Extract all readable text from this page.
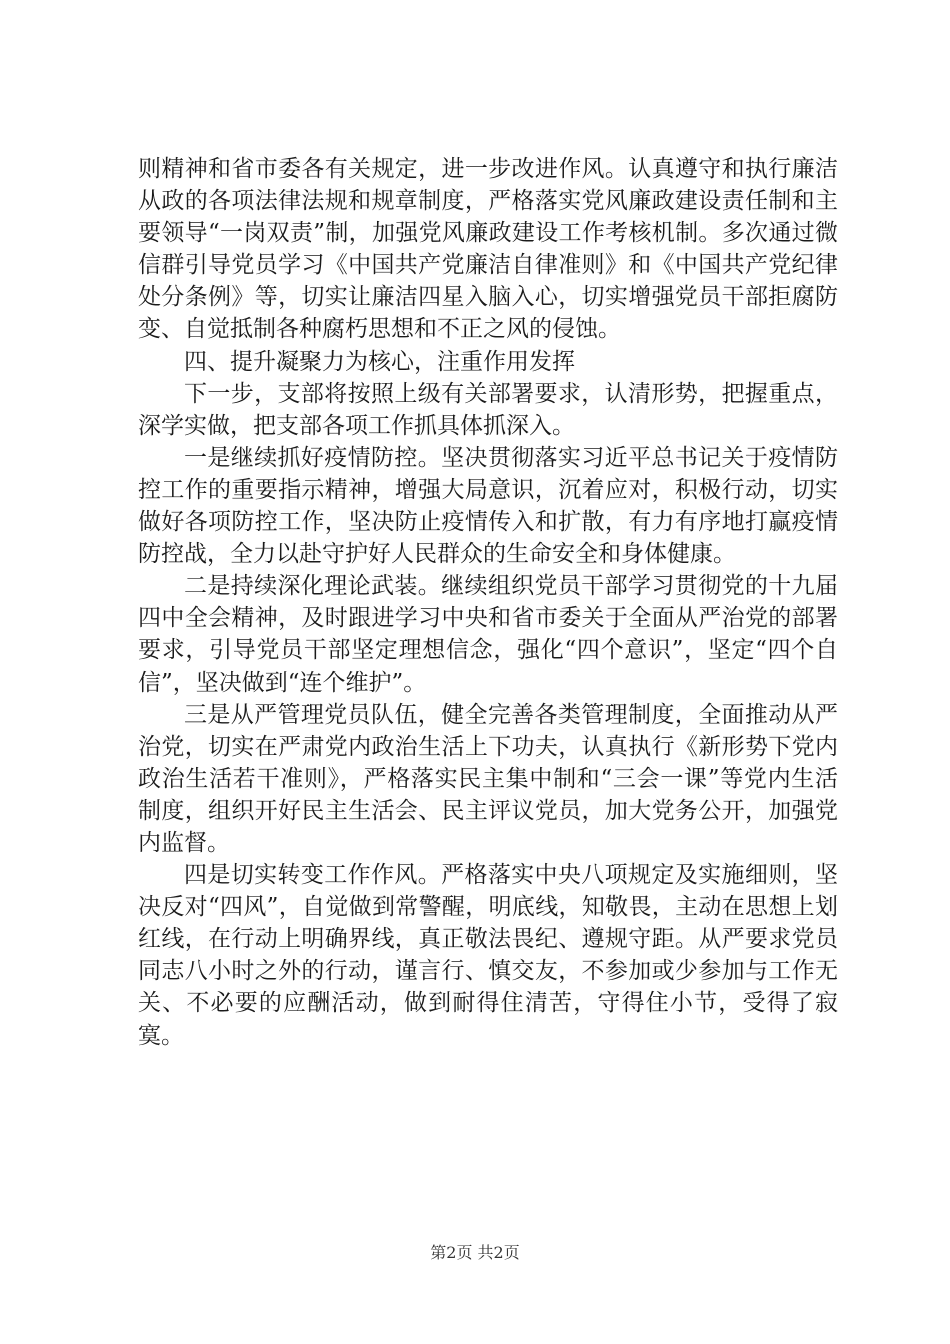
则精神和省市委各有关规定，进一步改进作风。认真遵守和执行廉洁从政的各项法律法规和规章制度，严格落实党风廉政建设责任制和主要领导“一岗双责”制，加强党风廉政建设工作考核机制。多次通过微信群引导党员学习《中国共产党廉洁自律准则》和《中国共产党纪律处分条例》等，切实让廉洁四星入脑入心，切实增强党员干部拒腐防变、自觉抵制各种腐朽思想和不正之风的侵蚀。

四、提升凝聚力为核心，注重作用发挥

下一步，支部将按照上级有关部署要求，认清形势，把握重点，深学实做，把支部各项工作抓具体抓深入。

一是继续抓好疫情防控。坚决贯彻落实习近平总书记关于疫情防控工作的重要指示精神，增强大局意识，沉着应对，积极行动，切实做好各项防控工作，坚决防止疫情传入和扩散，有力有序地打赢疫情防控战，全力以赴守护好人民群众的生命安全和身体健康。

二是持续深化理论武装。继续组织党员干部学习贯彻党的十九届四中全会精神，及时跟进学习中央和省市委关于全面从严治党的部署要求，引导党员干部坚定理想信念，强化“四个意识”，坚定“四个自信”，坚决做到“连个维护”。

三是从严管理党员队伍，健全完善各类管理制度，全面推动从严治党，切实在严肃党内政治生活上下功夫，认真执行《新形势下党内政治生活若干准则》，严格落实民主集中制和“三会一课”等党内生活制度，组织开好民主生活会、民主评议党员，加大党务公开，加强党内监督。

四是切实转变工作作风。严格落实中央八项规定及实施细则，坚决反对“四风”，自觉做到常警醒，明底线，知敬畏，主动在思想上划红线，在行动上明确界线，真正敬法畏纪、遵规守距。从严要求党员同志八小时之外的行动，谨言行、慎交友，不参加或少参加与工作无关、不必要的应酬活动，做到耐得住清苦，守得住小节，受得了寂寞。

第2页 共2页
